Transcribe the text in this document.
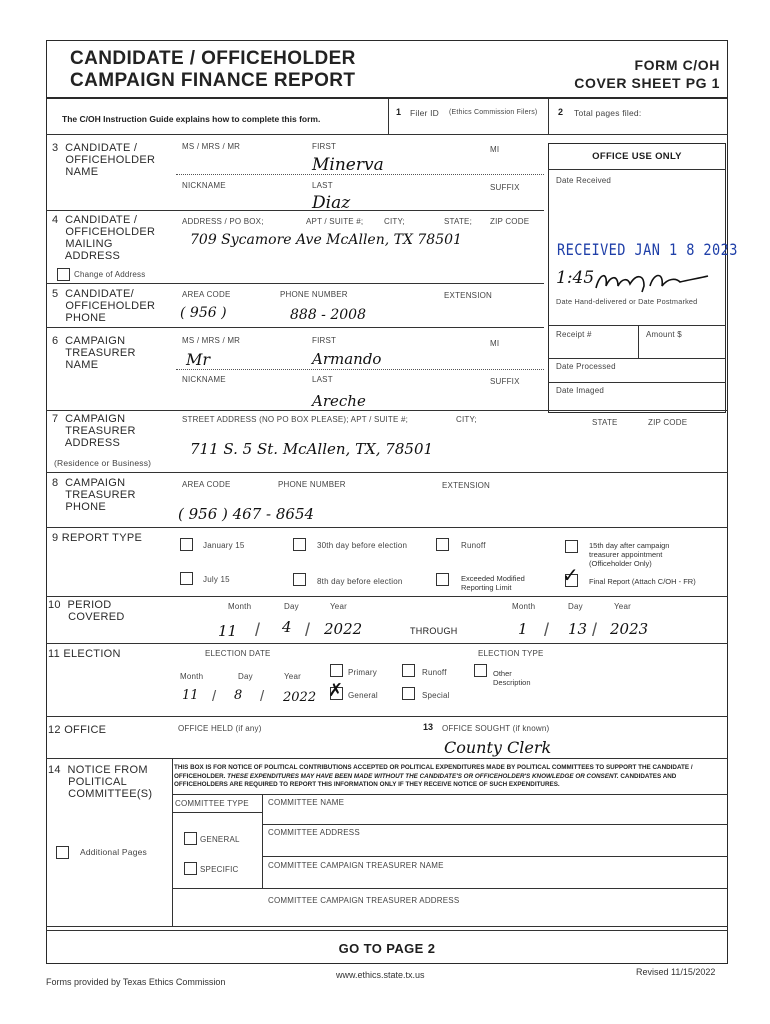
CANDIDATE / OFFICEHOLDER
CAMPAIGN FINANCE REPORT
FORM C/OH
COVER SHEET PG 1
The C/OH Instruction Guide explains how to complete this form.
1 Filer ID (Ethics Commission Filers) 2 Total pages filed:
OFFICE USE ONLY
Date Received
RECEIVED JAN 1 8 2023
1:45
Date Hand-delivered or Date Postmarked
Receipt #	Amount $
Date Processed
Date Imaged
3  CANDIDATE /
OFFICEHOLDER
NAME
MS / MRS / MR	FIRST	MI
Minerva
NICKNAME	LAST	SUFFIX
Diaz
4  CANDIDATE /
OFFICEHOLDER
MAILING
ADDRESS
ADDRESS / PO BOX;	APT / SUITE #;	CITY;	STATE; ZIP CODE
709 Sycamore Ave McAllen, TX 78501
Change of Address
5  CANDIDATE/
OFFICEHOLDER
PHONE
AREA CODE	PHONE NUMBER	EXTENSION
( 956 )	888 - 2008
6  CAMPAIGN
TREASURER
NAME
MS / MRS / MR	FIRST	MI
Mr	Armando
NICKNAME	LAST	SUFFIX
Areche
7  CAMPAIGN
TREASURER
ADDRESS
(Residence or Business)
STREET ADDRESS (NO PO BOX PLEASE); APT / SUITE #;	CITY;	STATE	ZIP CODE
711 S. 5 St. McAllen, TX, 78501
8  CAMPAIGN
TREASURER
PHONE
AREA CODE	PHONE NUMBER	EXTENSION
( 956 ) 467 - 8654
9 REPORT TYPE
January 15	30th day before election	Runoff	15th day after campaign
treasurer appointment
(Officeholder Only)
July 15	8th day before election	Exceeded Modified
Reporting Limit
✓ Final Report (Attach C/OH - FR)
10  PERIOD
COVERED
Month	Day	Year	Month	Day	Year
11 / 4 / 2022	THROUGH	1 / 13 / 2023
11 ELECTION	ELECTION DATE	ELECTION TYPE
Month	Day	Year
11 / 8 / 2022
Primary	Runoff	Other
Description
✗ General	Special
12 OFFICE	OFFICE HELD (if any)	13 OFFICE SOUGHT (if known)
County Clerk
14  NOTICE FROM
POLITICAL
COMMITTEE(S)
THIS BOX IS FOR NOTICE OF POLITICAL CONTRIBUTIONS ACCEPTED OR POLITICAL EXPENDITURES MADE BY POLITICAL COMMITTEES TO SUPPORT THE CANDIDATE / OFFICEHOLDER. THESE EXPENDITURES MAY HAVE BEEN MADE WITHOUT THE CANDIDATE'S OR OFFICEHOLDER'S KNOWLEDGE OR CONSENT. CANDIDATES AND OFFICEHOLDERS ARE REQUIRED TO REPORT THIS INFORMATION ONLY IF THEY RECEIVE NOTICE OF SUCH EXPENDITURES.
COMMITTEE TYPE COMMITTEE NAME
COMMITTEE ADDRESS
GENERAL
COMMITTEE CAMPAIGN TREASURER NAME
SPECIFIC
COMMITTEE CAMPAIGN TREASURER ADDRESS
Additional Pages
GO TO PAGE 2
Forms provided by Texas Ethics Commission
www.ethics.state.tx.us	Revised 11/15/2022
